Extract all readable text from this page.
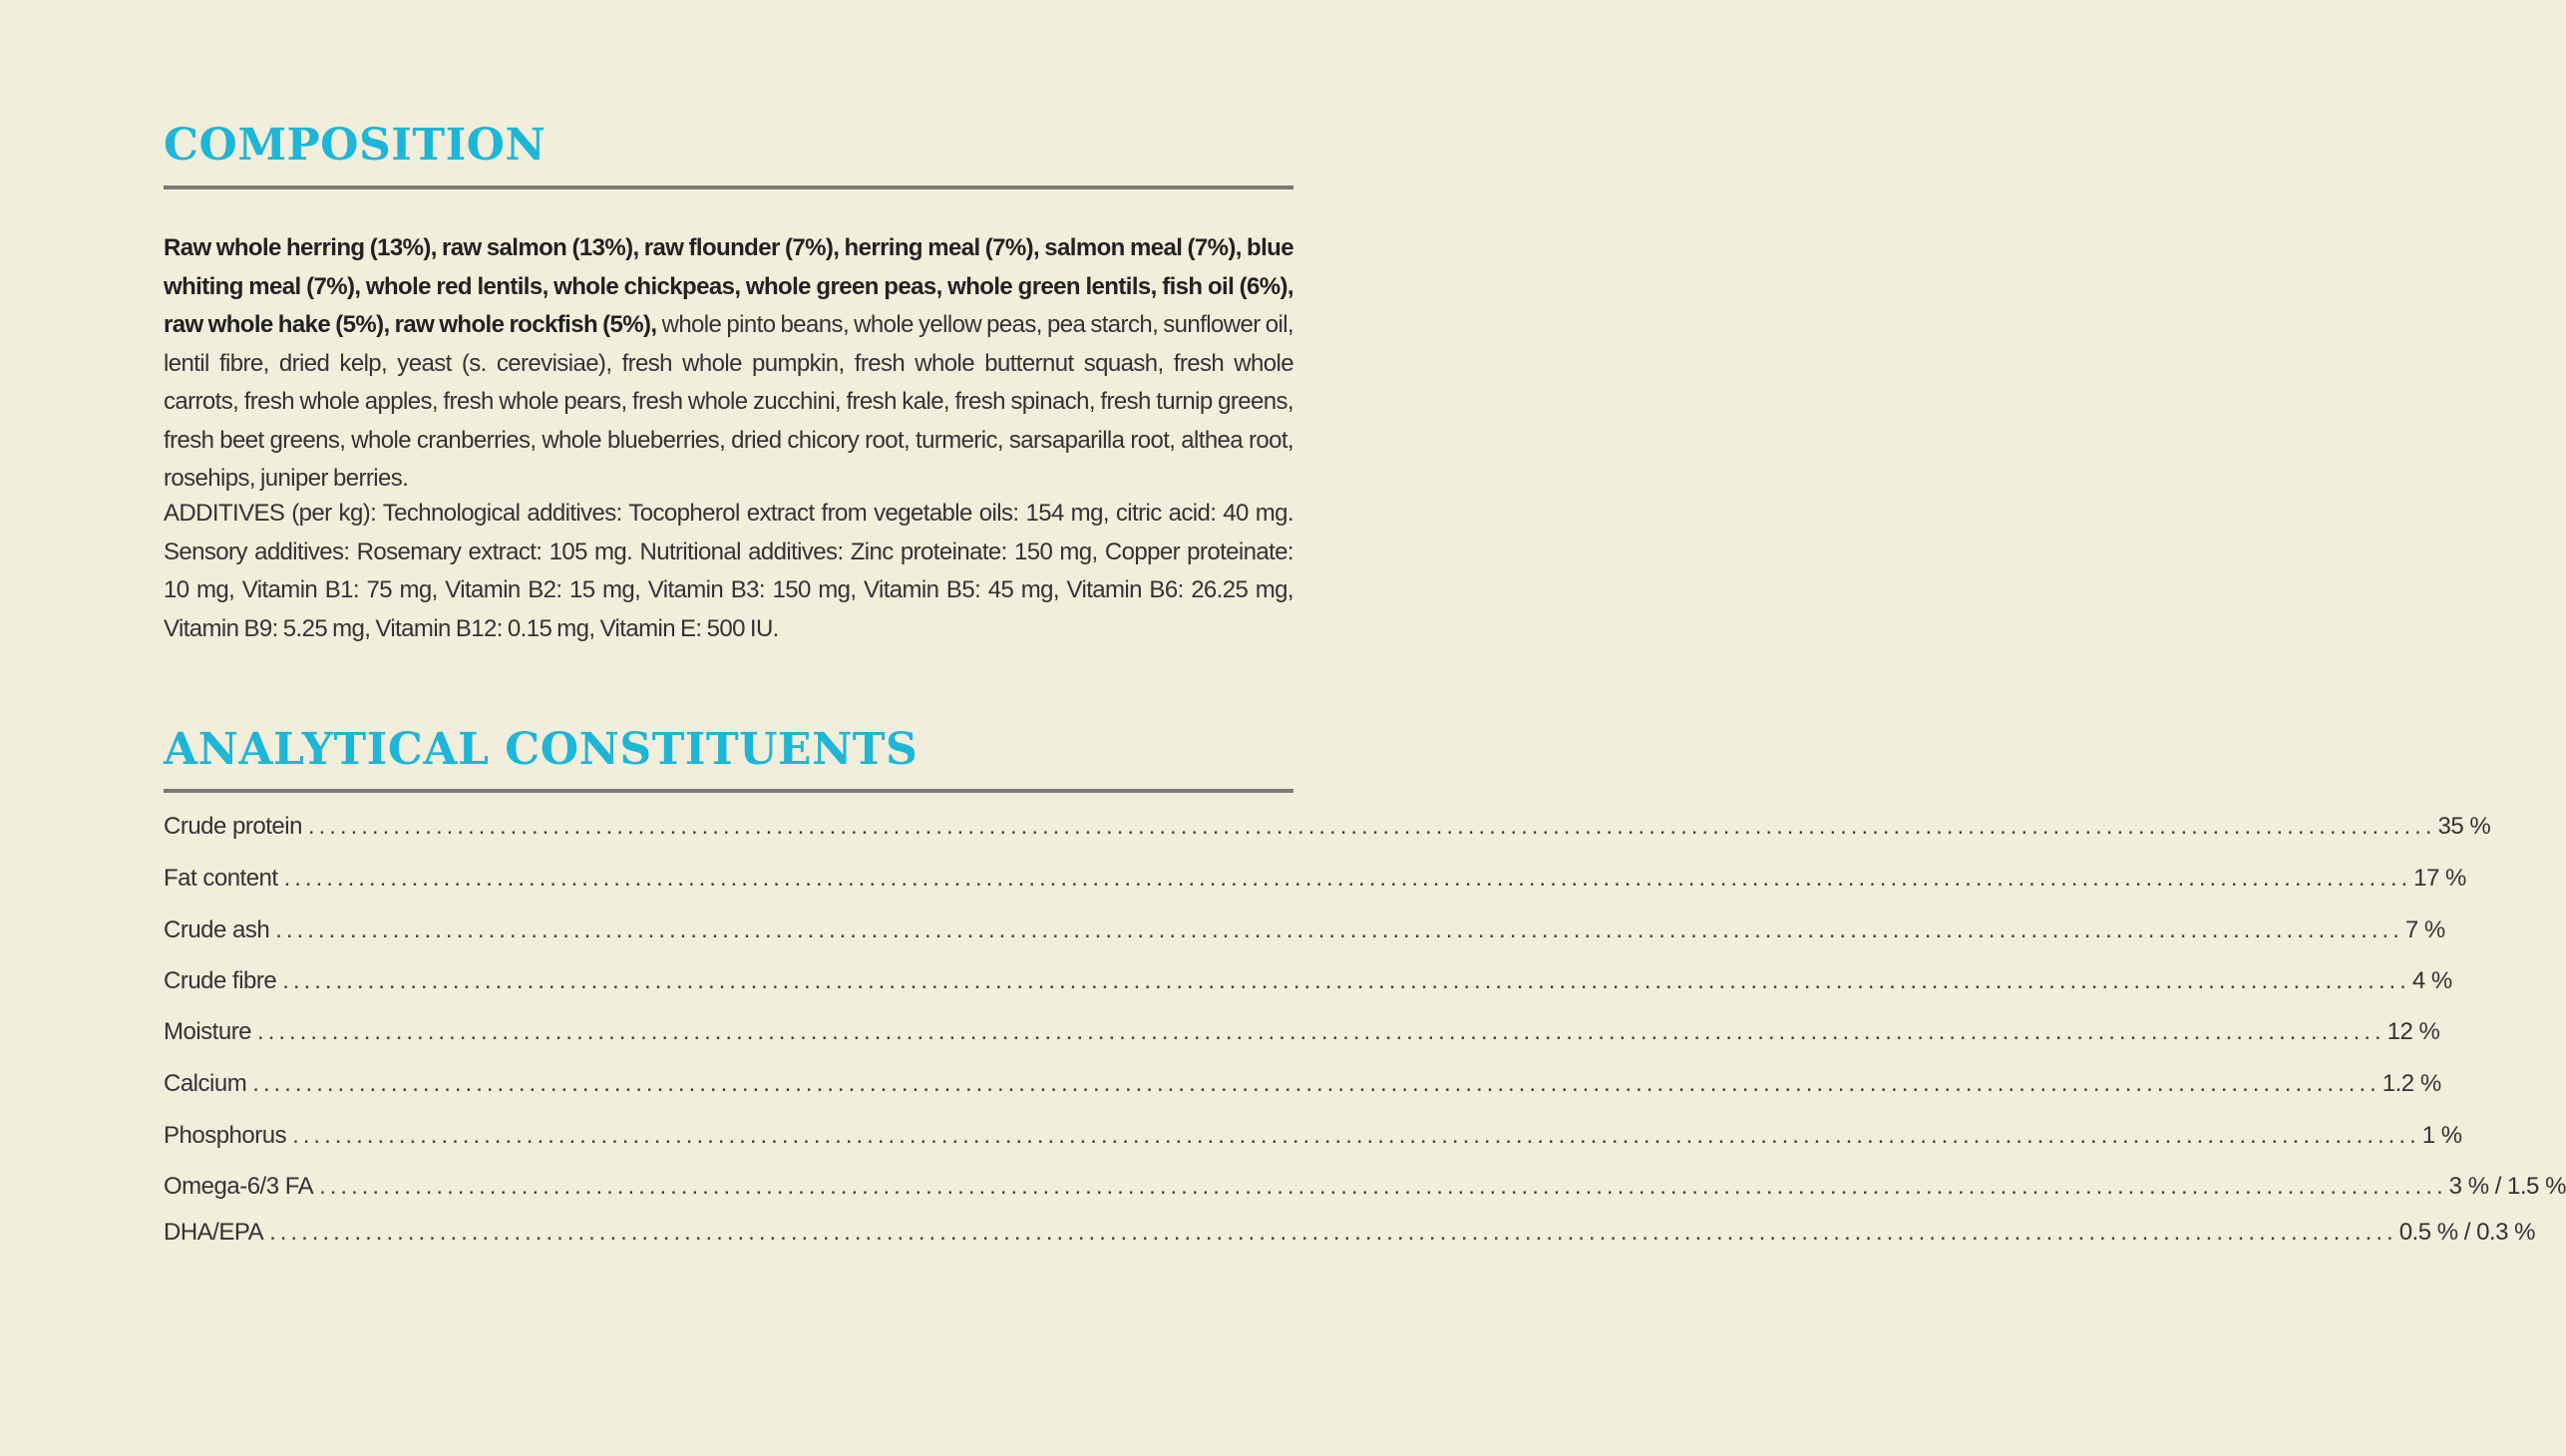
COMPOSITION

Raw whole herring (13%), raw salmon (13%), raw flounder (7%), herring meal (7%), salmon meal (7%), blue whiting meal (7%), whole red lentils, whole chickpeas, whole green peas, whole green lentils, fish oil (6%), raw whole hake (5%), raw whole rockfish (5%), whole pinto beans, whole yellow peas, pea starch, sunflower oil, lentil fibre, dried kelp, yeast (s. cerevisiae), fresh whole pumpkin, fresh whole butternut squash, fresh whole carrots, fresh whole apples, fresh whole pears, fresh whole zucchini, fresh kale, fresh spinach, fresh turnip greens, fresh beet greens, whole cranberries, whole blueberries, dried chicory root, turmeric, sarsaparilla root, althea root, rosehips, juniper berries.

ADDITIVES (per kg): Technological additives: Tocopherol extract from vegetable oils: 154 mg, citric acid: 40 mg. Sensory additives: Rosemary extract: 105 mg. Nutritional additives: Zinc proteinate: 150 mg, Copper proteinate: 10 mg, Vitamin B1: 75 mg, Vitamin B2: 15 mg, Vitamin B3: 150 mg, Vitamin B5: 45 mg, Vitamin B6: 26.25 mg, Vitamin B9: 5.25 mg, Vitamin B12: 0.15 mg, Vitamin E: 500 IU.

ANALYTICAL CONSTITUENTS
Crude protein ........................................................................................................................................................................................................ 35 %
Fat content ........................................................................................................................................................................................................ 17 %
Crude ash ........................................................................................................................................................................................................ 7 %
Crude fibre ........................................................................................................................................................................................................ 4 %
Moisture ........................................................................................................................................................................................................ 12 %
Calcium ........................................................................................................................................................................................................ 1.2 %
Phosphorus ........................................................................................................................................................................................................ 1 %
Omega-6/3 FA ........................................................................................................................................................................................................ 3 % / 1.5 %
DHA/EPA ........................................................................................................................................................................................................ 0.5 % / 0.3 %
